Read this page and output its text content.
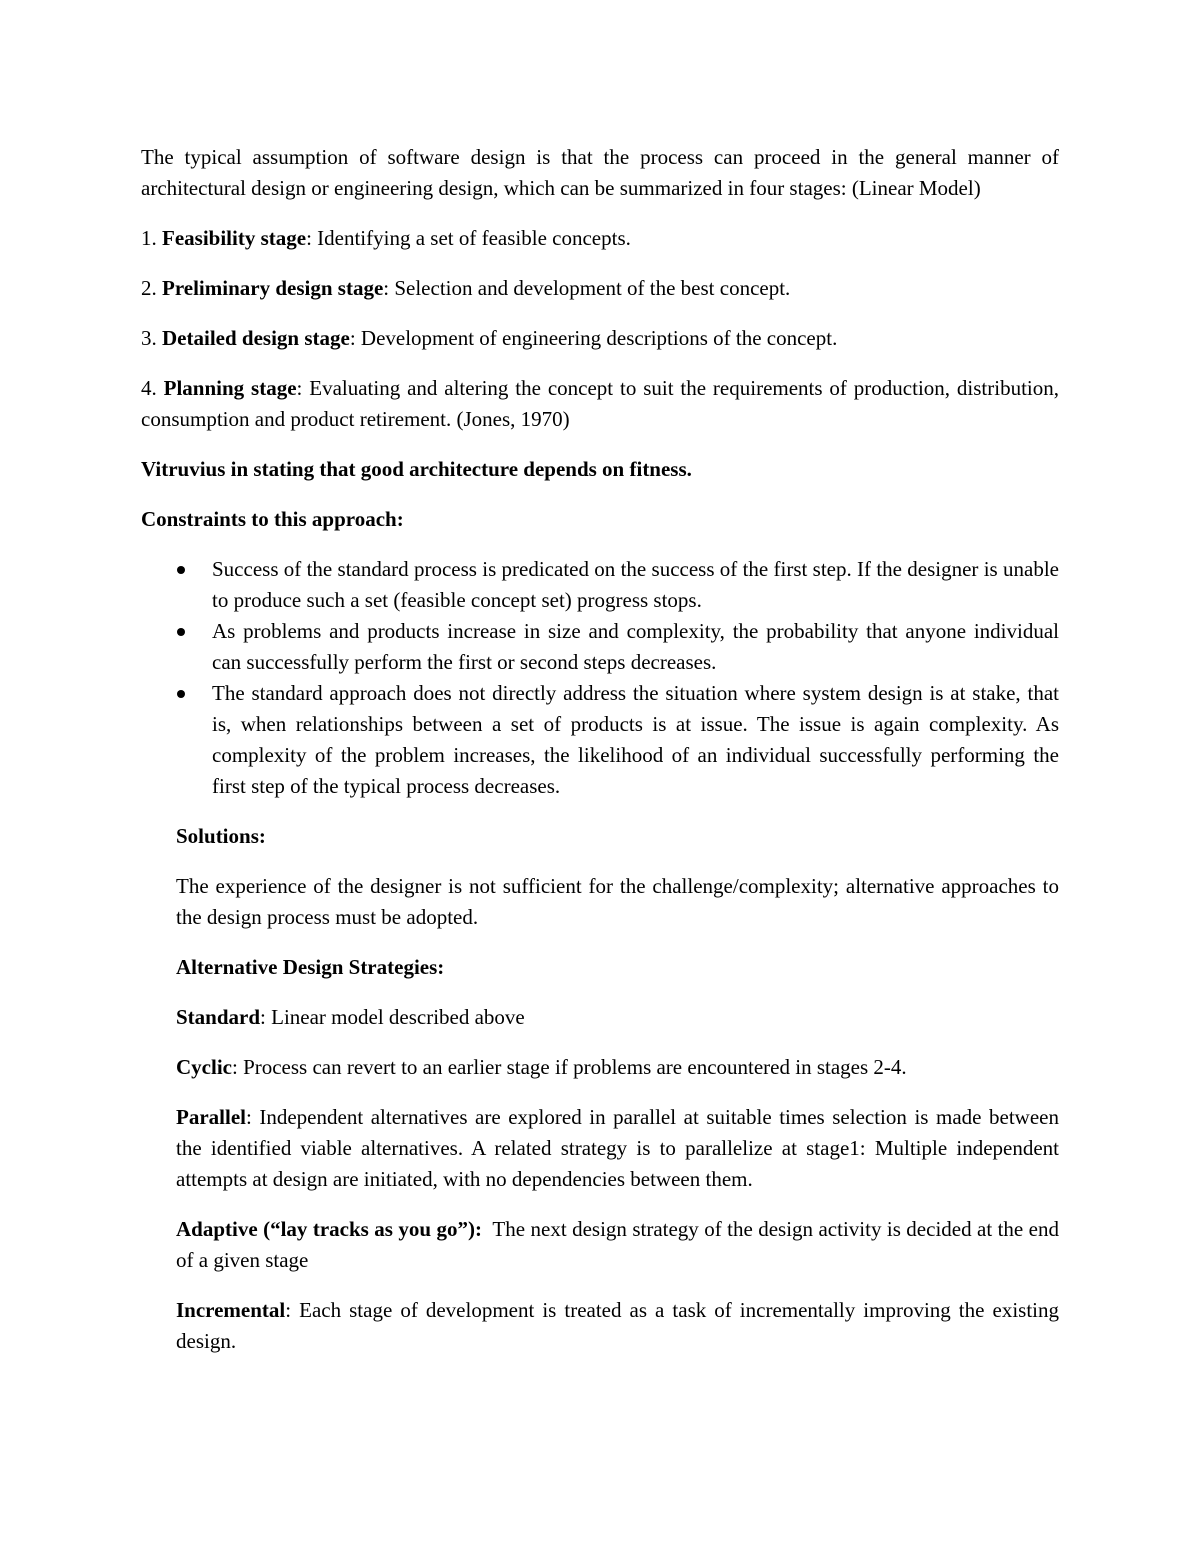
The typical assumption of software design is that the process can proceed in the general manner of architectural design or engineering design, which can be summarized in four stages: (Linear Model)

1. Feasibility stage: Identifying a set of feasible concepts.

2. Preliminary design stage: Selection and development of the best concept.

3. Detailed design stage: Development of engineering descriptions of the concept.

4. Planning stage: Evaluating and altering the concept to suit the requirements of production, distribution, consumption and product retirement. (Jones, 1970)

Vitruvius in stating that good architecture depends on fitness.

Constraints to this approach:

Success of the standard process is predicated on the success of the first step. If the designer is unable to produce such a set (feasible concept set) progress stops.
As problems and products increase in size and complexity, the probability that anyone individual can successfully perform the first or second steps decreases.
The standard approach does not directly address the situation where system design is at stake, that is, when relationships between a set of products is at issue. The issue is again complexity. As complexity of the problem increases, the likelihood of an individual successfully performing the first step of the typical process decreases.

Solutions:

The experience of the designer is not sufficient for the challenge/complexity; alternative approaches to the design process must be adopted.

Alternative Design Strategies:

Standard: Linear model described above

Cyclic: Process can revert to an earlier stage if problems are encountered in stages 2-4.

Parallel: Independent alternatives are explored in parallel at suitable times selection is made between the identified viable alternatives. A related strategy is to parallelize at stage1: Multiple independent attempts at design are initiated, with no dependencies between them.

Adaptive (“lay tracks as you go”):  The next design strategy of the design activity is decided at the end of a given stage

Incremental: Each stage of development is treated as a task of incrementally improving the existing design.
